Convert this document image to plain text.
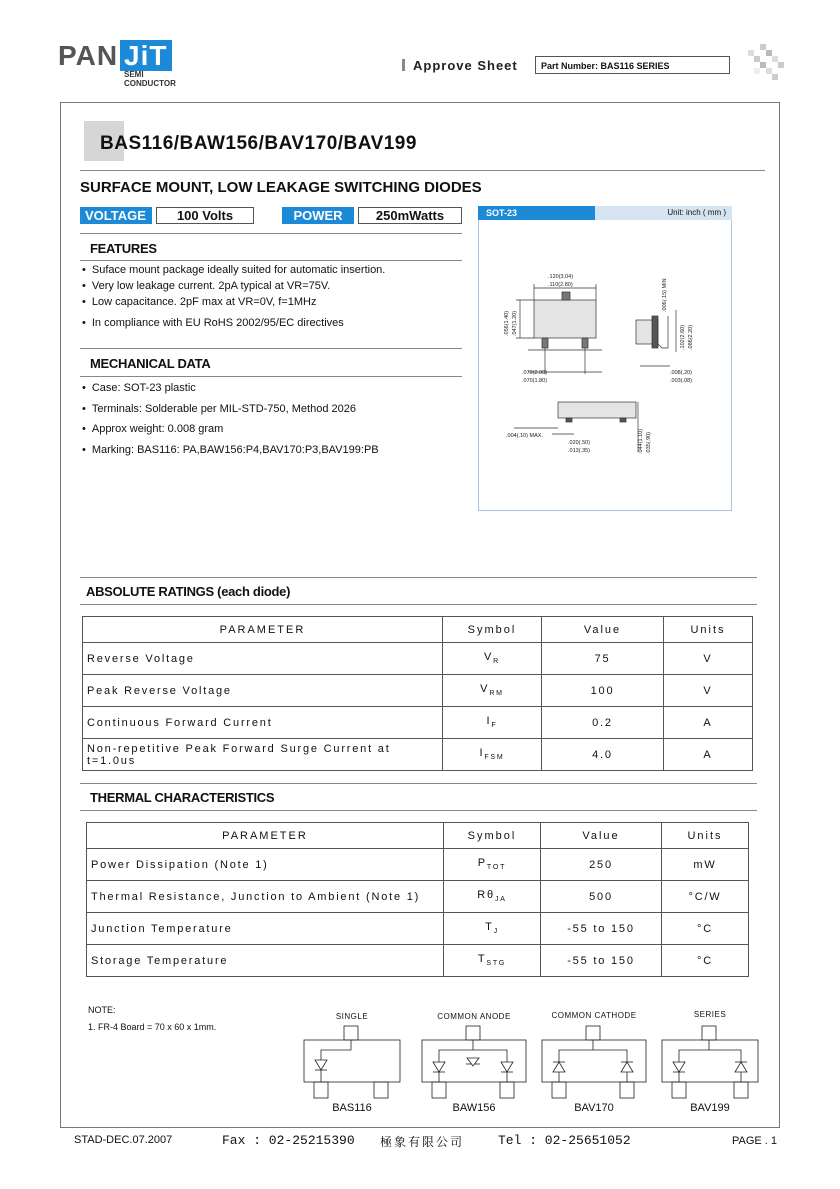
PAN JiT
SEMI
CONDUCTOR
Approve Sheet	Part Number: BAS116 SERIES
BAS116/BAW156/BAV170/BAV199
SURFACE MOUNT, LOW LEAKAGE SWITCHING DIODES
VOLTAGE	100 Volts	POWER	250mWatts
FEATURES
• Suface mount package ideally suited for automatic insertion.
• Very low leakage current. 2pA typical at VR=75V.
• Low capacitance. 2pF max at VR=0V, f=1MHz
• In compliance with EU RoHS 2002/95/EC directives
MECHANICAL DATA
• Case: SOT-23 plastic
• Terminals: Solderable per MIL-STD-750, Method 2026
• Approx weight: 0.008 gram
• Marking: BAS116: PA,BAW156:P4,BAV170:P3,BAV199:PB
SOT-23	Unit: inch ( mm )
.120(3.04)
.110(2.80)
.056(1.40) .047(1.20)
.006(.15) MIN
.102(2.60) .086(2.20)
.079(2.00)
.070(1.80)
.008(.20)
.003(.08)
.004(.10) MAX.
.020(.50)
.013(.35)	.044(1.10) .035(.90)
ABSOLUTE RATINGS (each diode)
PARAMETER	Symbol	Value	Units
Reverse Voltage	$V_R$	75	V
Peak Reverse Voltage	$V_{RM}$	100	V
Continuous Forward Current	$I_F$	0.2	A
Non-repetitive Peak Forward Surge Current at t=1.0us	$I_{FSM}$	4.0	A
THERMAL CHARACTERISTICS
PARAMETER	Symbol	Value	Units
Power Dissipation (Note 1)	$P_{TOT}$	250	mW
Thermal Resistance, Junction to Ambient (Note 1)	$R\theta_{JA}$	500	°C/W
Junction Temperature	$T_J$	-55 to 150	°C
Storage Temperature	$T_{STG}$	-55 to 150	°C
NOTE:
1. FR-4 Board = 70 x 60 x 1mm.
SINGLE	COMMON ANODE	COMMON CATHODE	SERIES
BAS116	BAW156	BAV170	BAV199
STAD-DEC.07.2007	Fax : 02-25215390 極象有限公司	Tel : 02-25651052	PAGE . 1
